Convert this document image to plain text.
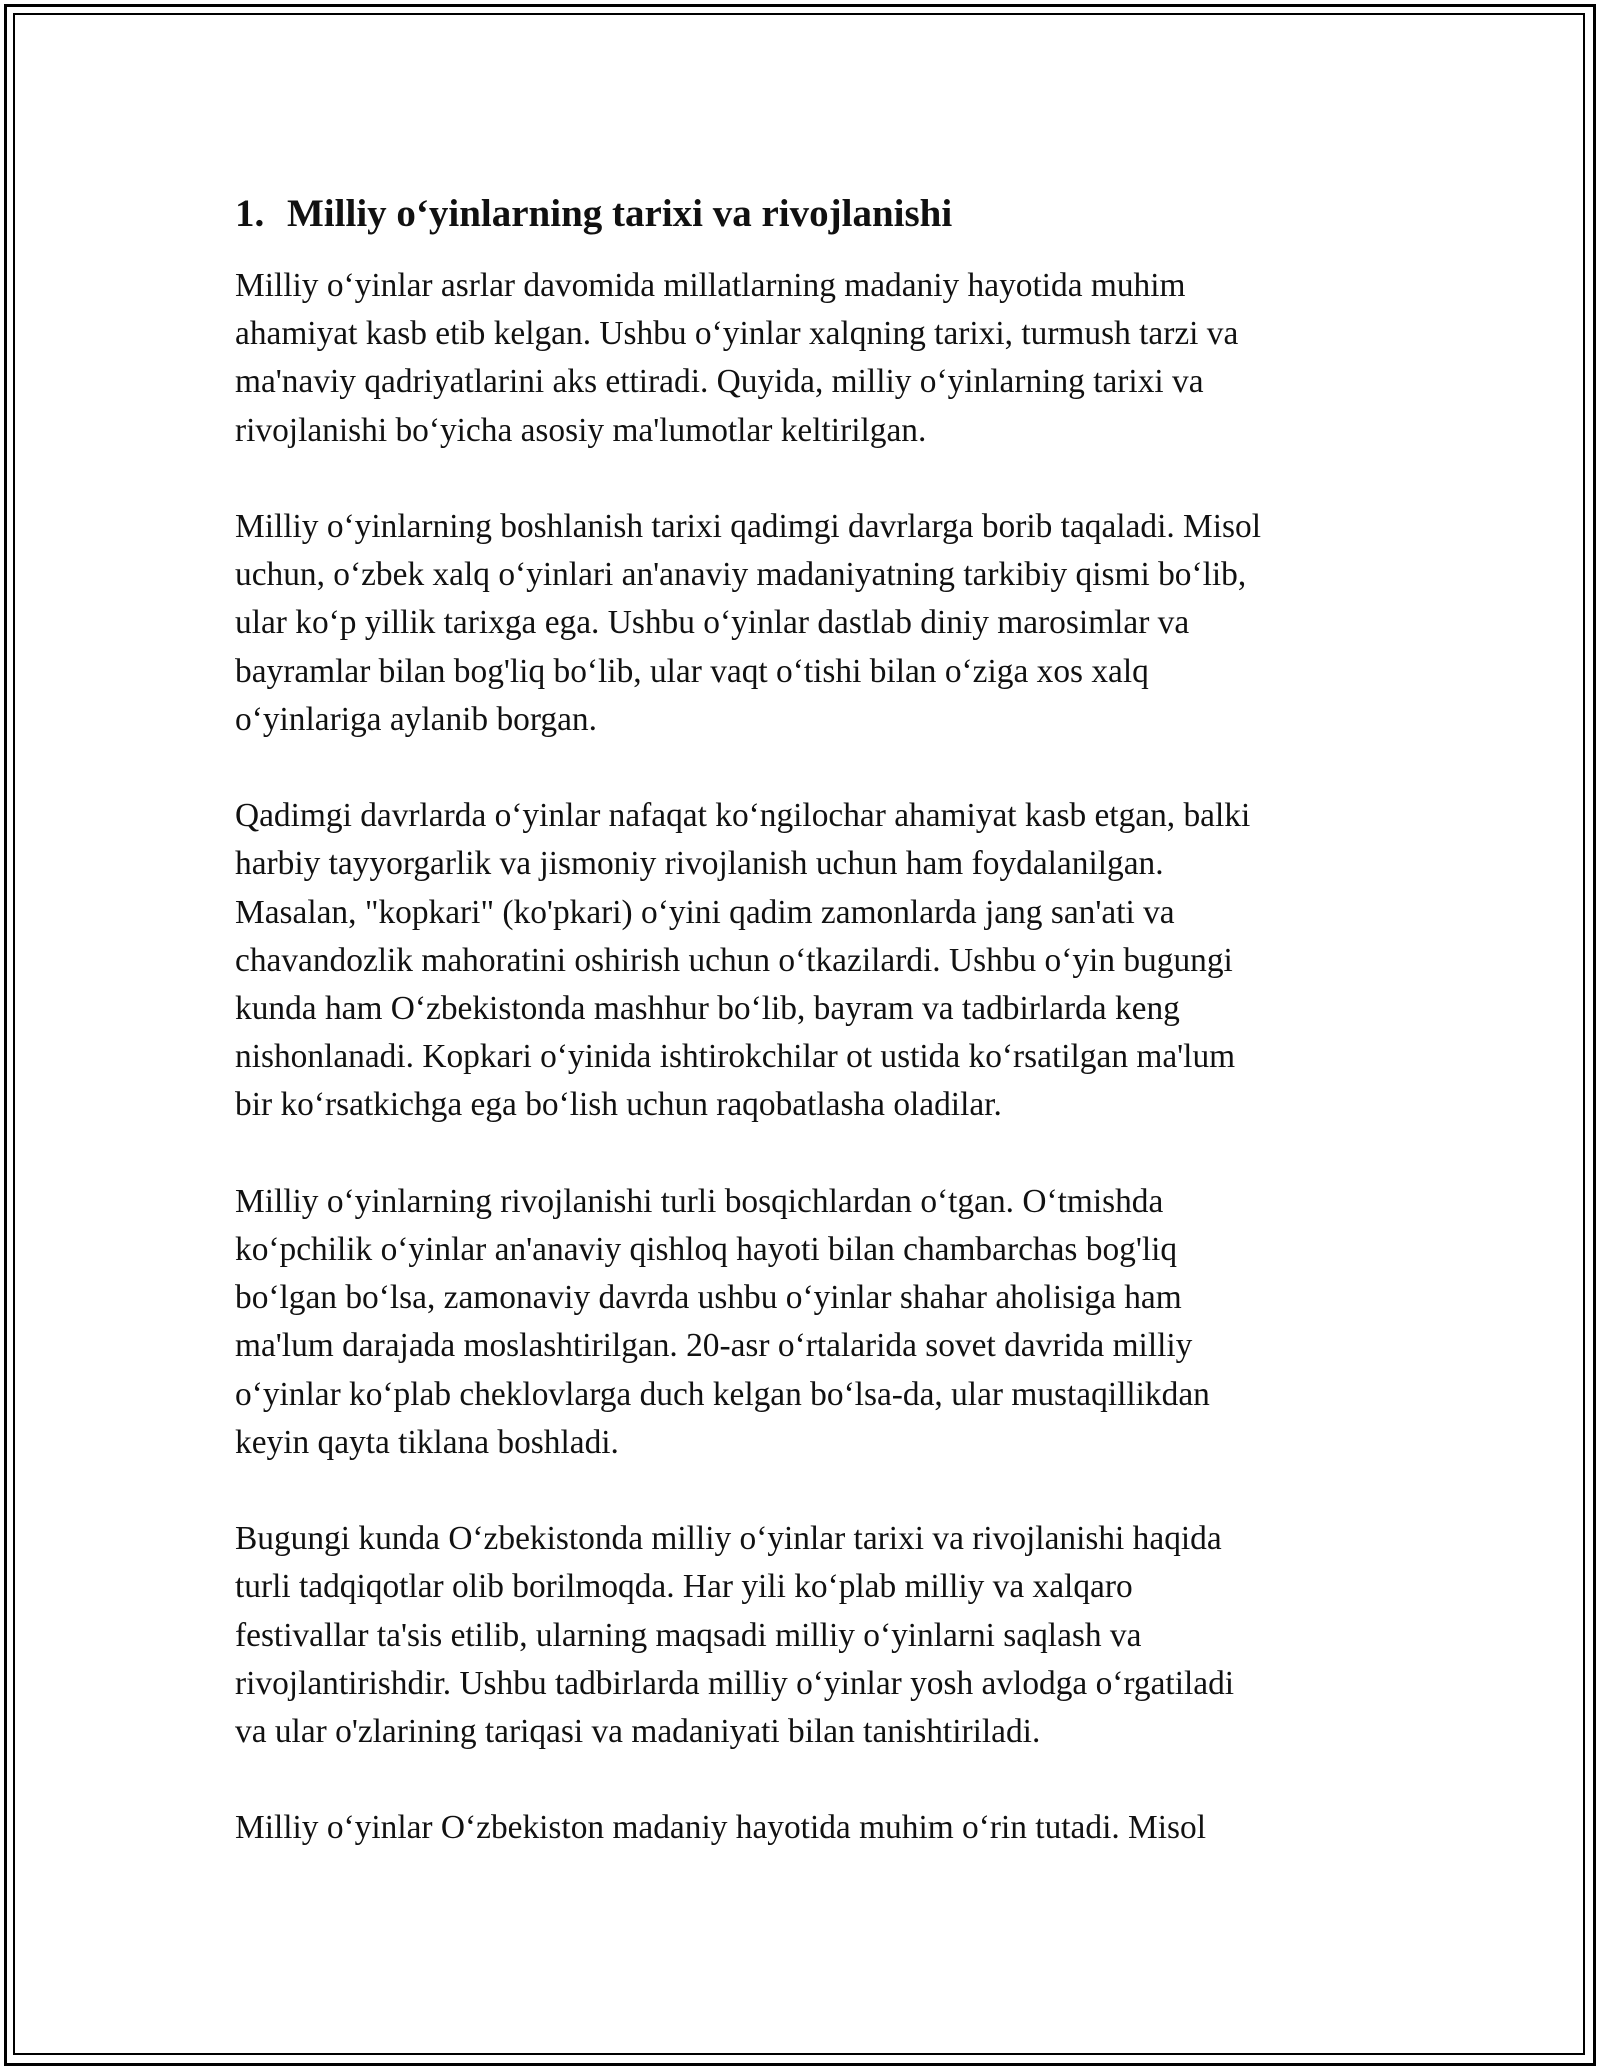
1. Milliy o‘yinlarning tarixi va rivojlanishi
Milliy o‘yinlar asrlar davomida millatlarning madaniy hayotida muhim
ahamiyat kasb etib kelgan. Ushbu o‘yinlar xalqning tarixi, turmush tarzi va
ma'naviy qadriyatlarini aks ettiradi. Quyida, milliy o‘yinlarning tarixi va
rivojlanishi bo‘yicha asosiy ma'lumotlar keltirilgan.
Milliy o‘yinlarning boshlanish tarixi qadimgi davrlarga borib taqaladi. Misol
uchun, o‘zbek xalq o‘yinlari an'anaviy madaniyatning tarkibiy qismi bo‘lib,
ular ko‘p yillik tarixga ega. Ushbu o‘yinlar dastlab diniy marosimlar va
bayramlar bilan bog'liq bo‘lib, ular vaqt o‘tishi bilan o‘ziga xos xalq
o‘yinlariga aylanib borgan.
Qadimgi davrlarda o‘yinlar nafaqat ko‘ngilochar ahamiyat kasb etgan, balki
harbiy tayyorgarlik va jismoniy rivojlanish uchun ham foydalanilgan.
Masalan, "kopkari" (ko'pkari) o‘yini qadim zamonlarda jang san'ati va
chavandozlik mahoratini oshirish uchun o‘tkazilardi. Ushbu o‘yin bugungi
kunda ham O‘zbekistonda mashhur bo‘lib, bayram va tadbirlarda keng
nishonlanadi. Kopkari o‘yinida ishtirokchilar ot ustida ko‘rsatilgan ma'lum
bir ko‘rsatkichga ega bo‘lish uchun raqobatlasha oladilar.
Milliy o‘yinlarning rivojlanishi turli bosqichlardan o‘tgan. O‘tmishda
ko‘pchilik o‘yinlar an'anaviy qishloq hayoti bilan chambarchas bog'liq
bo‘lgan bo‘lsa, zamonaviy davrda ushbu o‘yinlar shahar aholisiga ham
ma'lum darajada moslashtirilgan. 20-asr o‘rtalarida sovet davrida milliy
o‘yinlar ko‘plab cheklovlarga duch kelgan bo‘lsa-da, ular mustaqillikdan
keyin qayta tiklana boshladi.
Bugungi kunda O‘zbekistonda milliy o‘yinlar tarixi va rivojlanishi haqida
turli tadqiqotlar olib borilmoqda. Har yili ko‘plab milliy va xalqaro
festivallar ta'sis etilib, ularning maqsadi milliy o‘yinlarni saqlash va
rivojlantirishdir. Ushbu tadbirlarda milliy o‘yinlar yosh avlodga o‘rgatiladi
va ular o'zlarining tariqasi va madaniyati bilan tanishtiriladi.
Milliy o‘yinlar O‘zbekiston madaniy hayotida muhim o‘rin tutadi. Misol
